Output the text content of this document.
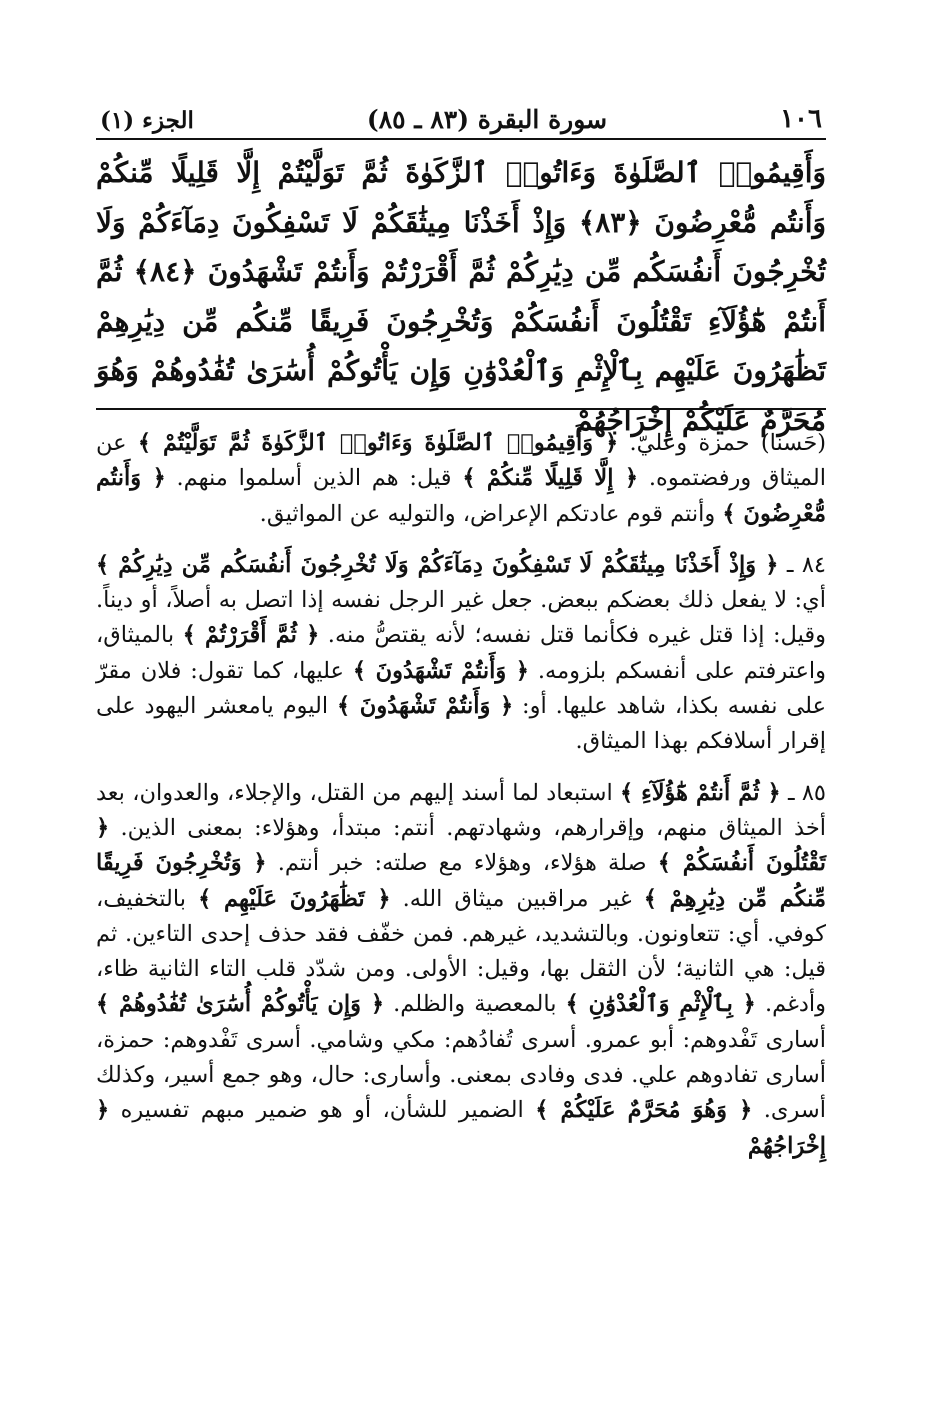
١٠٦
سورة البقرة (٨٣ ـ ٨٥)
الجزء (١)
وَأَقِيمُوا۟ ٱلصَّلَوٰةَ وَءَاتُوا۟ ٱلزَّكَوٰةَ ثُمَّ تَوَلَّيْتُمْ إِلَّا قَلِيلًا مِّنكُمْ وَأَنتُم مُّعْرِضُونَ ﴿٨٣﴾ وَإِذْ أَخَذْنَا مِيثَٰقَكُمْ لَا تَسْفِكُونَ دِمَآءَكُمْ وَلَا تُخْرِجُونَ أَنفُسَكُم مِّن دِيَٰرِكُمْ ثُمَّ أَقْرَرْتُمْ وَأَنتُمْ تَشْهَدُونَ ﴿٨٤﴾ ثُمَّ أَنتُمْ هَٰٓؤُلَآءِ تَقْتُلُونَ أَنفُسَكُمْ وَتُخْرِجُونَ فَرِيقًا مِّنكُم مِّن دِيَٰرِهِمْ تَظَٰهَرُونَ عَلَيْهِم بِٱلْإِثْمِ وَٱلْعُدْوَٰنِ وَإِن يَأْتُوكُمْ أُسَٰرَىٰ تُفَٰدُوهُمْ وَهُوَ مُحَرَّمٌ عَلَيْكُمْ إِخْرَاجُهُمْ

(حَسنا) حمزة وعليّ. ﴿ وَأَقِيمُوا۟ ٱلصَّلَوٰةَ وَءَاتُوا۟ ٱلزَّكَوٰةَ ثُمَّ تَوَلَّيْتُمْ ﴾ عن الميثاق ورفضتموه. ﴿ إِلَّا قَلِيلًا مِّنكُمْ ﴾ قيل: هم الذين أسلموا منهم. ﴿ وَأَنتُم مُّعْرِضُونَ ﴾ وأنتم قوم عادتكم الإعراض، والتوليه عن المواثيق.

٨٤ ـ ﴿ وَإِذْ أَخَذْنَا مِيثَٰقَكُمْ لَا تَسْفِكُونَ دِمَآءَكُمْ وَلَا تُخْرِجُونَ أَنفُسَكُم مِّن دِيَٰرِكُمْ ﴾ أي: لا يفعل ذلك بعضكم ببعض. جعل غير الرجل نفسه إذا اتصل به أصلاً، أو ديناً. وقيل: إذا قتل غيره فكأنما قتل نفسه؛ لأنه يقتصُّ منه. ﴿ ثُمَّ أَقْرَرْتُمْ ﴾ بالميثاق، واعترفتم على أنفسكم بلزومه. ﴿ وَأَنتُمْ تَشْهَدُونَ ﴾ عليها، كما تقول: فلان مقرّ على نفسه بكذا، شاهد عليها. أو: ﴿ وَأَنتُمْ تَشْهَدُونَ ﴾ اليوم يامعشر اليهود على إقرار أسلافكم بهذا الميثاق.

٨٥ ـ ﴿ ثُمَّ أَنتُمْ هَٰٓؤُلَآءِ ﴾ استبعاد لما أسند إليهم من القتل، والإجلاء، والعدوان، بعد أخذ الميثاق منهم، وإقرارهم، وشهادتهم. أنتم: مبتدأ، وهؤلاء: بمعنى الذين. ﴿ تَقْتُلُونَ أَنفُسَكُمْ ﴾ صلة هؤلاء، وهؤلاء مع صلته: خبر أنتم. ﴿ وَتُخْرِجُونَ فَرِيقًا مِّنكُم مِّن دِيَٰرِهِمْ ﴾ غير مراقبين ميثاق الله. ﴿ تَظَٰهَرُونَ عَلَيْهِم ﴾ بالتخفيف، كوفي. أي: تتعاونون. وبالتشديد، غيرهم. فمن خفّف فقد حذف إحدى التاءين. ثم قيل: هي الثانية؛ لأن الثقل بها، وقيل: الأولى. ومن شدّد قلب التاء الثانية ظاء، وأدغم. ﴿ بِٱلْإِثْمِ وَٱلْعُدْوَٰنِ ﴾ بالمعصية والظلم. ﴿ وَإِن يَأْتُوكُمْ أُسَٰرَىٰ تُفَٰدُوهُمْ ﴾ أسارى تَفْدوهم: أبو عمرو. أسرى تُفادُهم: مكي وشامي. أسرى تَفْدوهم: حمزة، أسارى تفادوهم علي. فدى وفادى بمعنى. وأسارى: حال، وهو جمع أسير، وكذلك أسرى. ﴿ وَهُوَ مُحَرَّمٌ عَلَيْكُمْ ﴾ الضمير للشأن، أو هو ضمير مبهم تفسيره ﴿ إِخْرَاجُهُمْ
